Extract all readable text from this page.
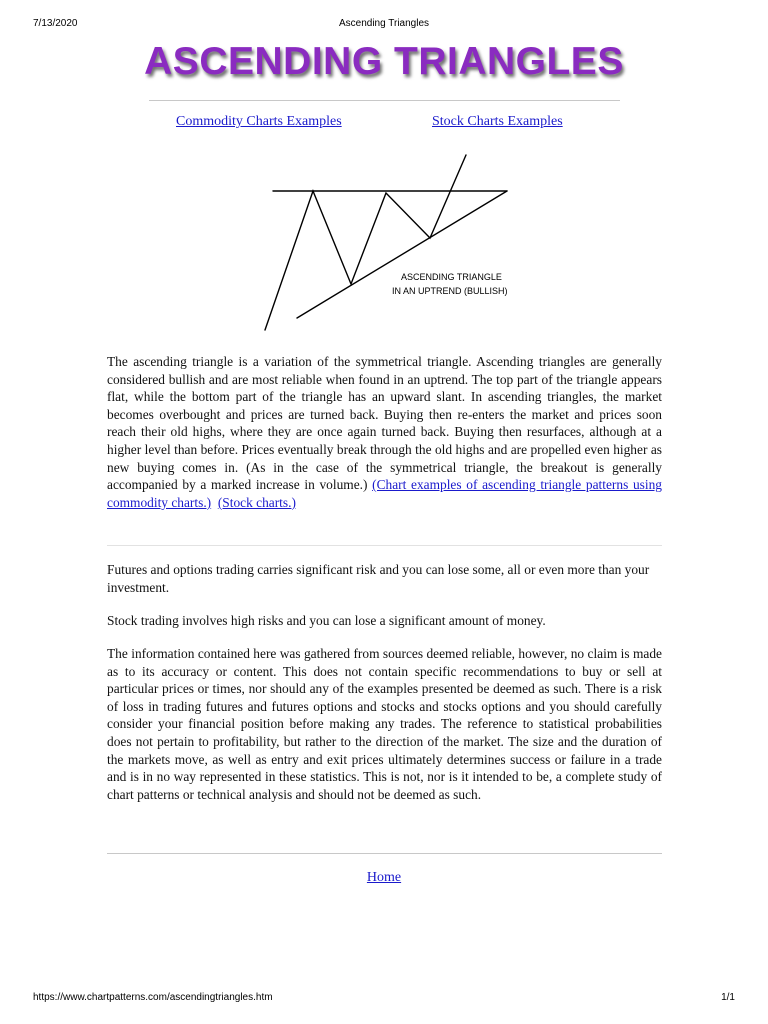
7/13/2020	Ascending Triangles
ASCENDING TRIANGLES
Commodity Charts Examples	Stock Charts Examples
ASCENDING TRIANGLE
IN AN UPTREND (BULLISH)
The ascending triangle is a variation of the symmetrical triangle. Ascending triangles are generally considered bullish and are most reliable when found in an uptrend. The top part of the triangle appears flat, while the bottom part of the triangle has an upward slant. In ascending triangles, the market becomes overbought and prices are turned back. Buying then re-enters the market and prices soon reach their old highs, where they are once again turned back. Buying then resurfaces, although at a higher level than before. Prices eventually break through the old highs and are propelled even higher as new buying comes in. (As in the case of the symmetrical triangle, the breakout is generally accompanied by a marked increase in volume.) (Chart examples of ascending triangle patterns using commodity charts.) (Stock charts.)

Futures and options trading carries significant risk and you can lose some, all or even more than your investment.

Stock trading involves high risks and you can lose a significant amount of money.

The information contained here was gathered from sources deemed reliable, however, no claim is made as to its accuracy or content. This does not contain specific recommendations to buy or sell at particular prices or times, nor should any of the examples presented be deemed as such. There is a risk of loss in trading futures and futures options and stocks and stocks options and you should carefully consider your financial position before making any trades. The reference to statistical probabilities does not pertain to profitability, but rather to the direction of the market. The size and the duration of the markets move, as well as entry and exit prices ultimately determines success or failure in a trade and is in no way represented in these statistics. This is not, nor is it intended to be, a complete study of chart patterns or technical analysis and should not be deemed as such.

Home
https://www.chartpatterns.com/ascendingtriangles.htm	1/1
